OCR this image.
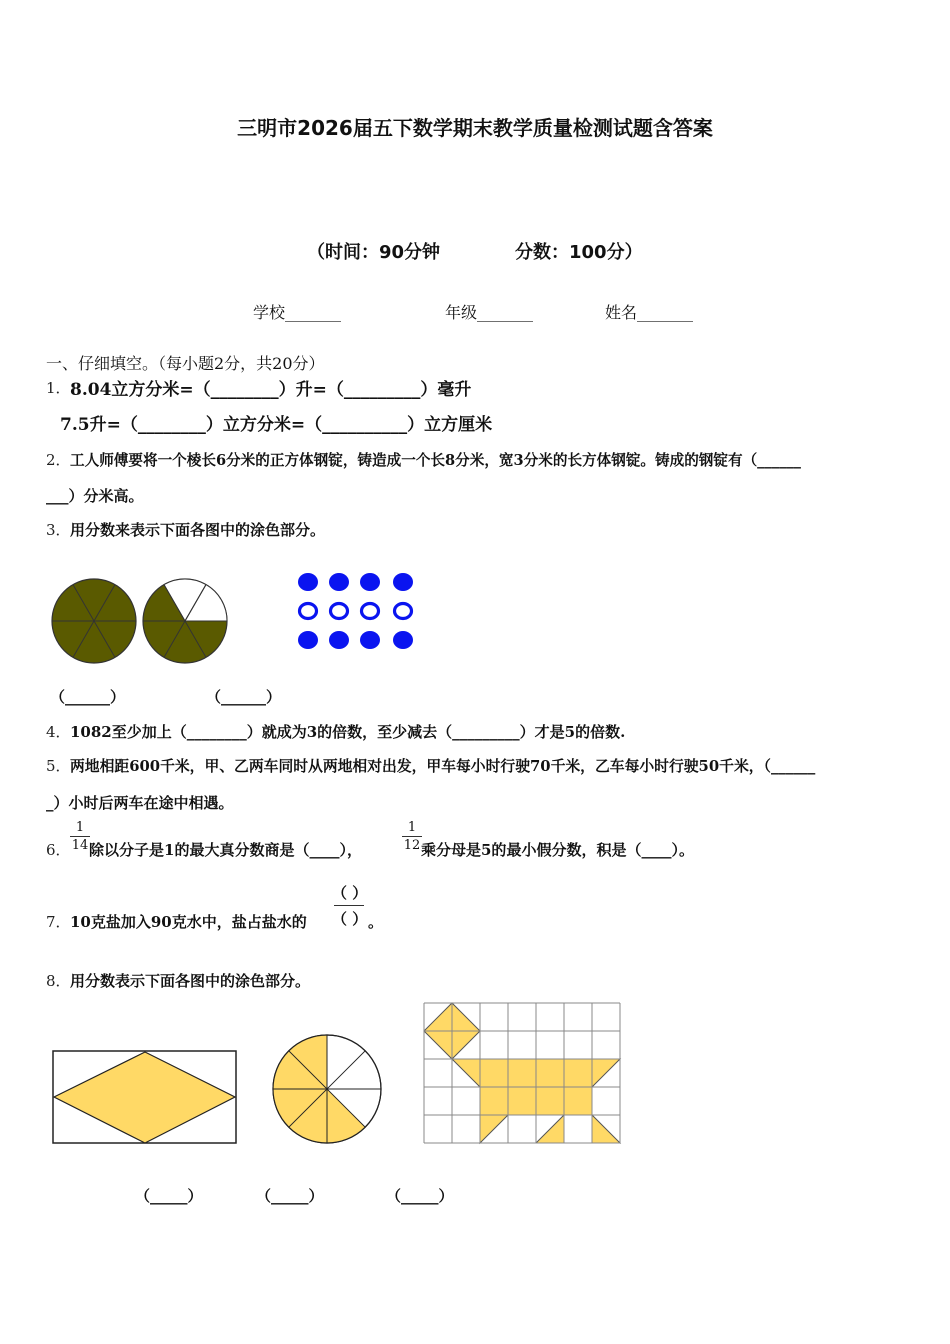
三明市2026届五下数学期末教学质量检测试题含答案
（时间：90分钟	分数：100分）
学校_______	年级_______	姓名_______
一、仔细填空。（每小题2分，共20分）
1． 8.04立方分米=（________）升=（_________）毫升
7.5升=（________）立方分米=（__________）立方厘米
2． 工人师傅要将一个棱长6分米的正方体钢锭，铸造成一个长8分米，宽3分米的长方体钢锭。铸成的钢锭有（______
___）分米高。
3． 用分数来表示下面各图中的涂色部分。
（______）	（______）
4． 1082至少加上（________）就成为3的倍数，至少减去（_________）才是5的倍数.
5． 两地相距600千米，甲、乙两车同时从两地相对出发，甲车每小时行驶70千米，乙车每小时行驶50千米，（______
_）小时后两车在途中相遇。
6．
1
14 除以分子是1的最大真分数商是（____），
1
12 乘分母是5的最小假分数，积是（____）。
7． 10克盐加入90克水中，盐占盐水的
（ ）
（ ） 。
8． 用分数表示下面各图中的涂色部分。
（_____）	（_____）	（_____）
